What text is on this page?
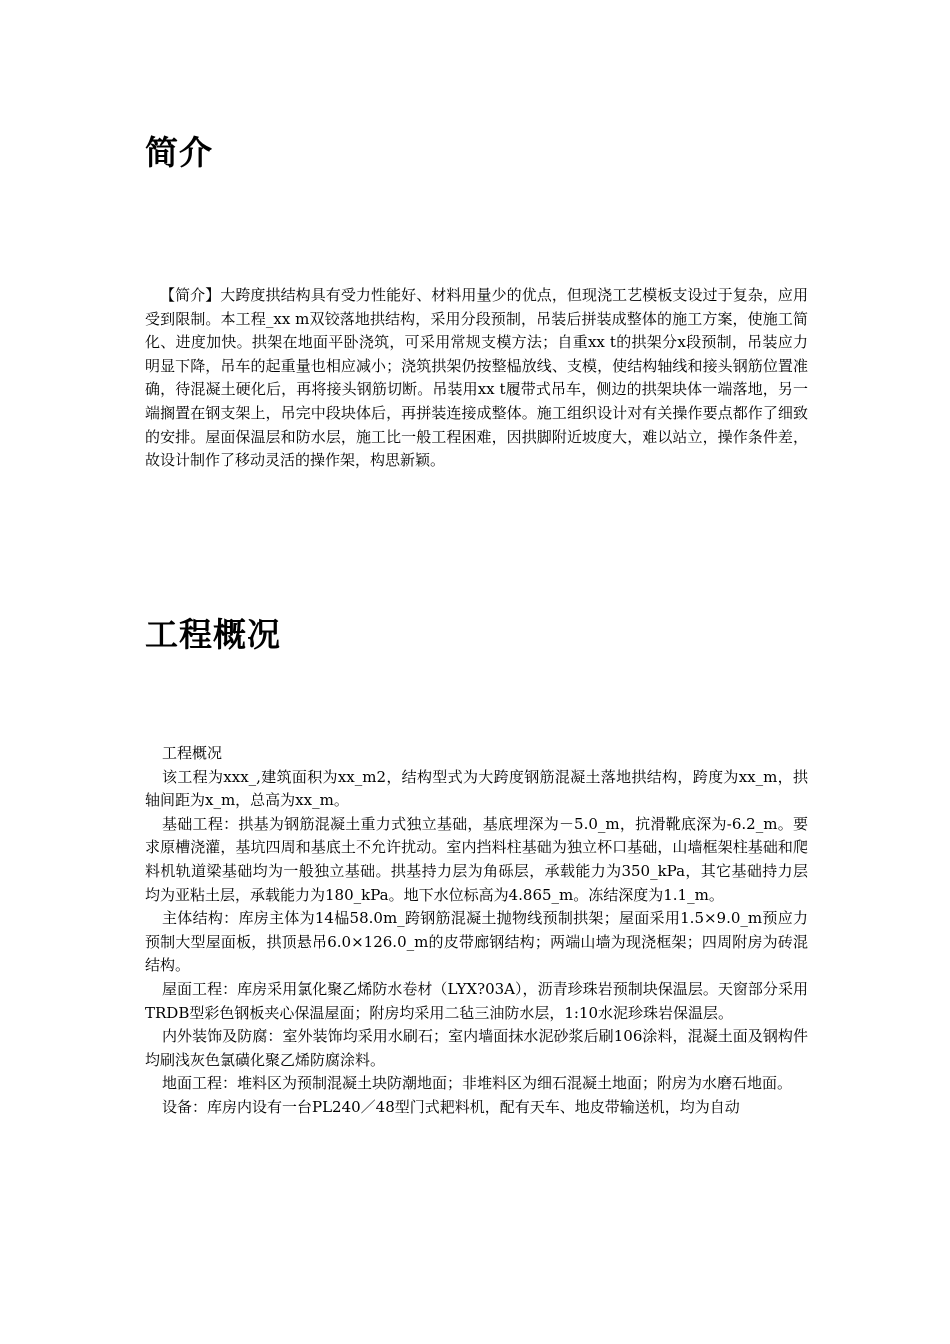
简介

【简介】大跨度拱结构具有受力性能好、材料用量少的优点，但现浇工艺模板支设过于复杂，应用受到限制。本工程_xx m双铰落地拱结构，采用分段预制，吊装后拼装成整体的施工方案，使施工简化、进度加快。拱架在地面平卧浇筑，可采用常规支模方法；自重xx t的拱架分x段预制，吊装应力明显下降，吊车的起重量也相应减小；浇筑拱架仍按整榀放线、支模，使结构轴线和接头钢筋位置准确，待混凝土硬化后，再将接头钢筋切断。吊装用xx t履带式吊车，侧边的拱架块体一端落地，另一端搁置在钢支架上，吊完中段块体后，再拼装连接成整体。施工组织设计对有关操作要点都作了细致的安排。屋面保温层和防水层，施工比一般工程困难，因拱脚附近坡度大，难以站立，操作条件差，故设计制作了移动灵活的操作架，构思新颖。

工程概况

工程概况

该工程为xxx_,建筑面积为xx_m2，结构型式为大跨度钢筋混凝土落地拱结构，跨度为xx_m，拱轴间距为x_m，总高为xx_m。

基础工程：拱基为钢筋混凝土重力式独立基础，基底埋深为－5.0_m，抗滑靴底深为-6.2_m。要求原槽浇灌，基坑四周和基底土不允许扰动。室内挡料柱基础为独立杯口基础，山墙框架柱基础和爬料机轨道梁基础均为一般独立基础。拱基持力层为角砾层，承载能力为350_kPa，其它基础持力层均为亚粘土层，承载能力为180_kPa。地下水位标高为4.865_m。冻结深度为1.1_m。

主体结构：库房主体为14榀58.0m_跨钢筋混凝土抛物线预制拱架；屋面采用1.5×9.0_m预应力预制大型屋面板，拱顶悬吊6.0×126.0_m的皮带廊钢结构；两端山墙为现浇框架；四周附房为砖混结构。

屋面工程：库房采用氯化聚乙烯防水卷材（LYX?03A），沥青珍珠岩预制块保温层。天窗部分采用TRDB型彩色钢板夹心保温屋面；附房均采用二毡三油防水层，1:10水泥珍珠岩保温层。

内外装饰及防腐：室外装饰均采用水刷石；室内墙面抹水泥砂浆后刷106涂料，混凝土面及钢构件均刷浅灰色氯磺化聚乙烯防腐涂料。

地面工程：堆料区为预制混凝土块防潮地面；非堆料区为细石混凝土地面；附房为水磨石地面。

设备：库房内设有一台PL240／48型门式耙料机，配有天车、地皮带输送机，均为自动
